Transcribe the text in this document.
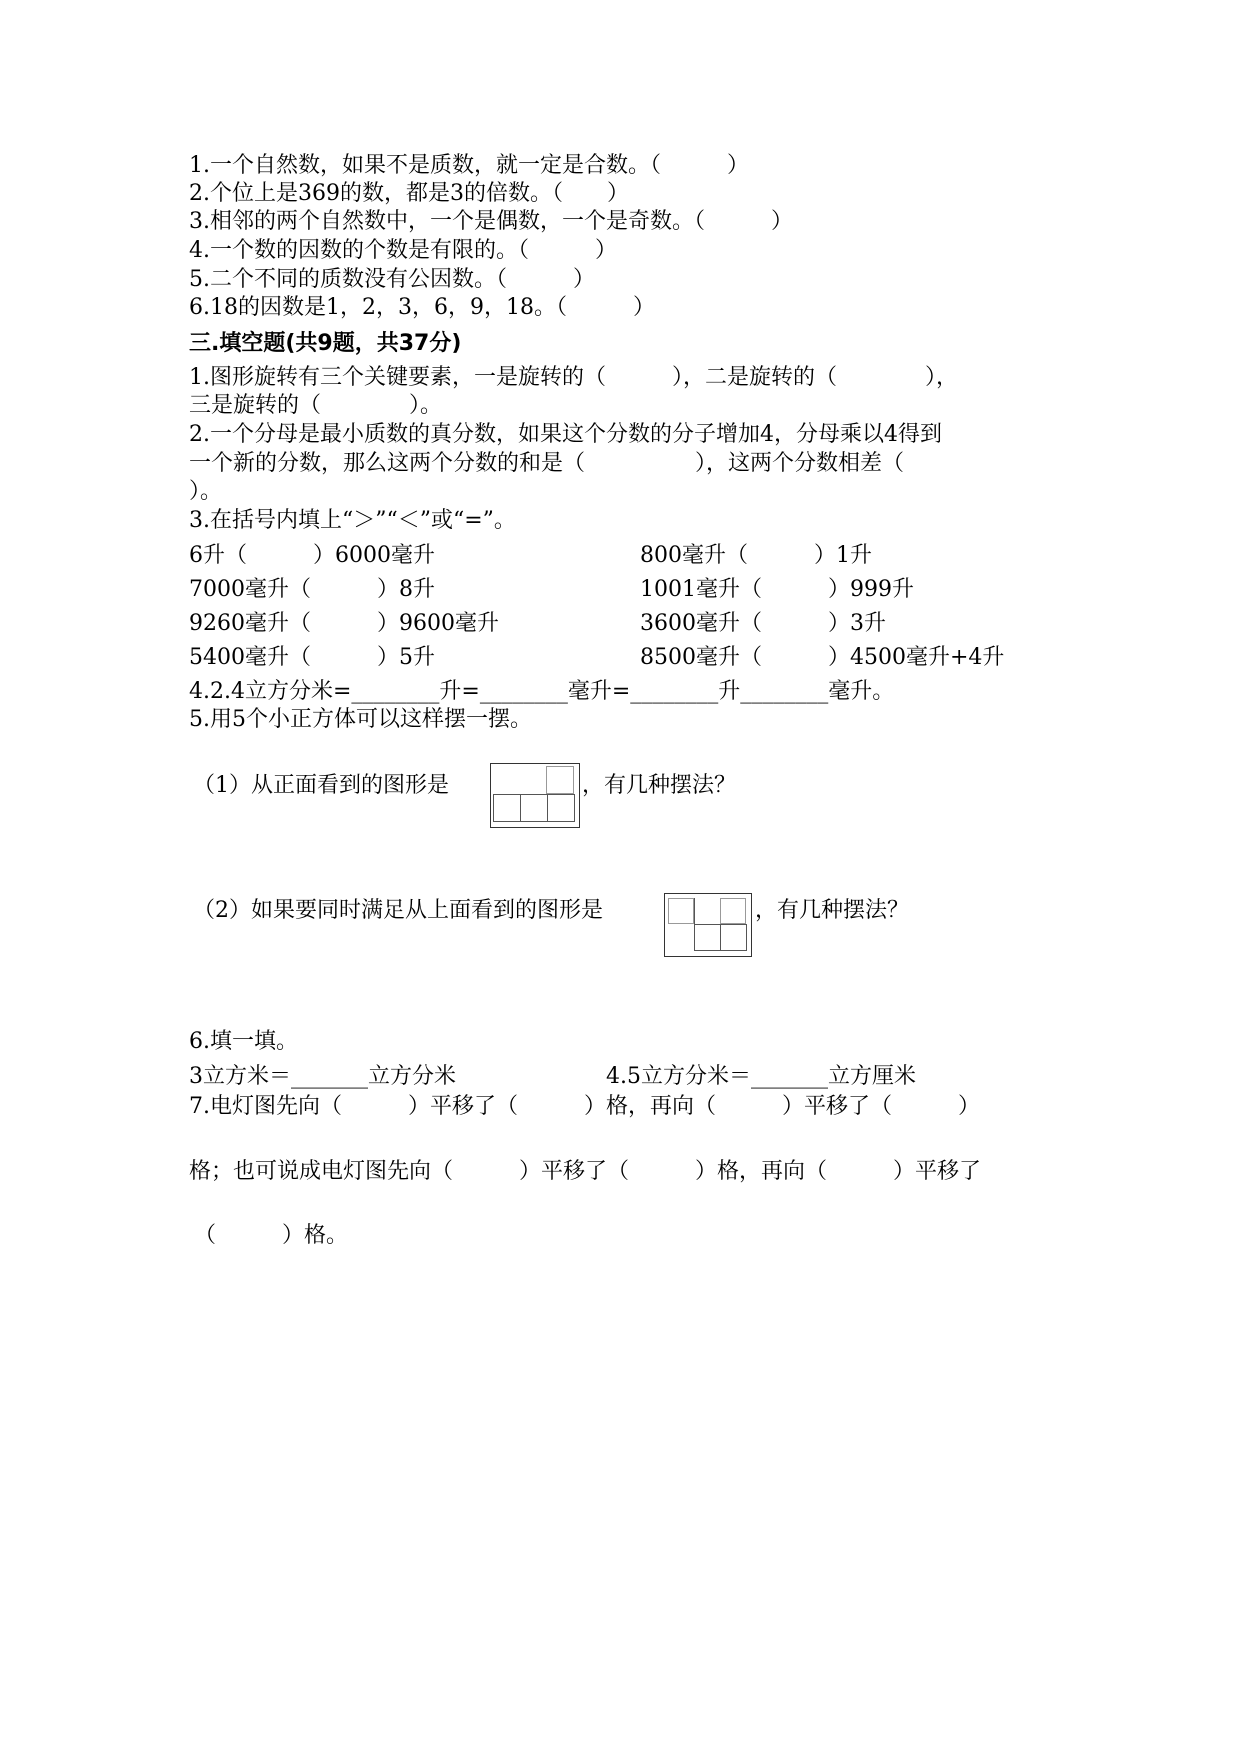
1.一个自然数，如果不是质数，就一定是合数。（　　　）
2.个位上是369的数，都是3的倍数。（　　）
3.相邻的两个自然数中，一个是偶数，一个是奇数。（　　　）
4.一个数的因数的个数是有限的。（　　　）
5.二个不同的质数没有公因数。（　　　）
6.18的因数是1，2，3，6，9，18。（　　　）
三.填空题(共9题，共37分)
1.图形旋转有三个关键要素，一是旋转的（　　　），二是旋转的（　　　　），
三是旋转的（　　　　）。
2.一个分母是最小质数的真分数，如果这个分数的分子增加4，分母乘以4得到
一个新的分数，那么这两个分数的和是（　　　　　），这两个分数相差（
）。
3.在括号内填上“＞”“＜”或“=”。
6升（　　　）6000毫升	800毫升（　　　）1升
7000毫升（　　　）8升	1001毫升（　　　）999升
9260毫升（　　　）9600毫升	3600毫升（　　　）3升
5400毫升（　　　）5升	8500毫升（　　　）4500毫升+4升
4.2.4立方分米=________升=________毫升=________升________毫升。
5.用5个小正方体可以这样摆一摆。
（1）从正面看到的图形是	，有几种摆法？
（2）如果要同时满足从上面看到的图形是	，有几种摆法？
6.填一填。
3立方米＝_______立方分米	4.5立方分米＝_______立方厘米
7.电灯图先向（　　　）平移了（　　　）格，再向（　　　）平移了（　　　）
格；也可说成电灯图先向（　　　）平移了（　　　）格，再向（　　　）平移了
（　　　）格。
